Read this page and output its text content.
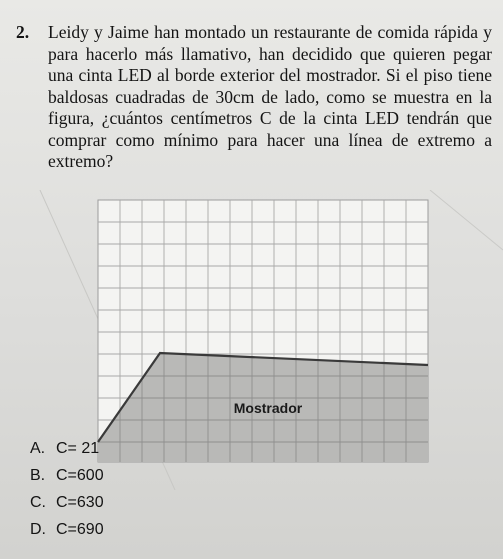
2. Leidy y Jaime han montado un restaurante de comida rápida y para hacerlo más llamativo, han decidido que quieren pegar una cinta LED al borde exterior del mostrador. Si el piso tiene baldosas cuadradas de 30cm de lado, como se muestra en la figura, ¿cuántos centímetros C de la cinta LED tendrán que comprar como mínimo para hacer una línea de extremo a extremo?
Mostrador
A. C= 21
B. C=600
C. C=630
D. C=690
